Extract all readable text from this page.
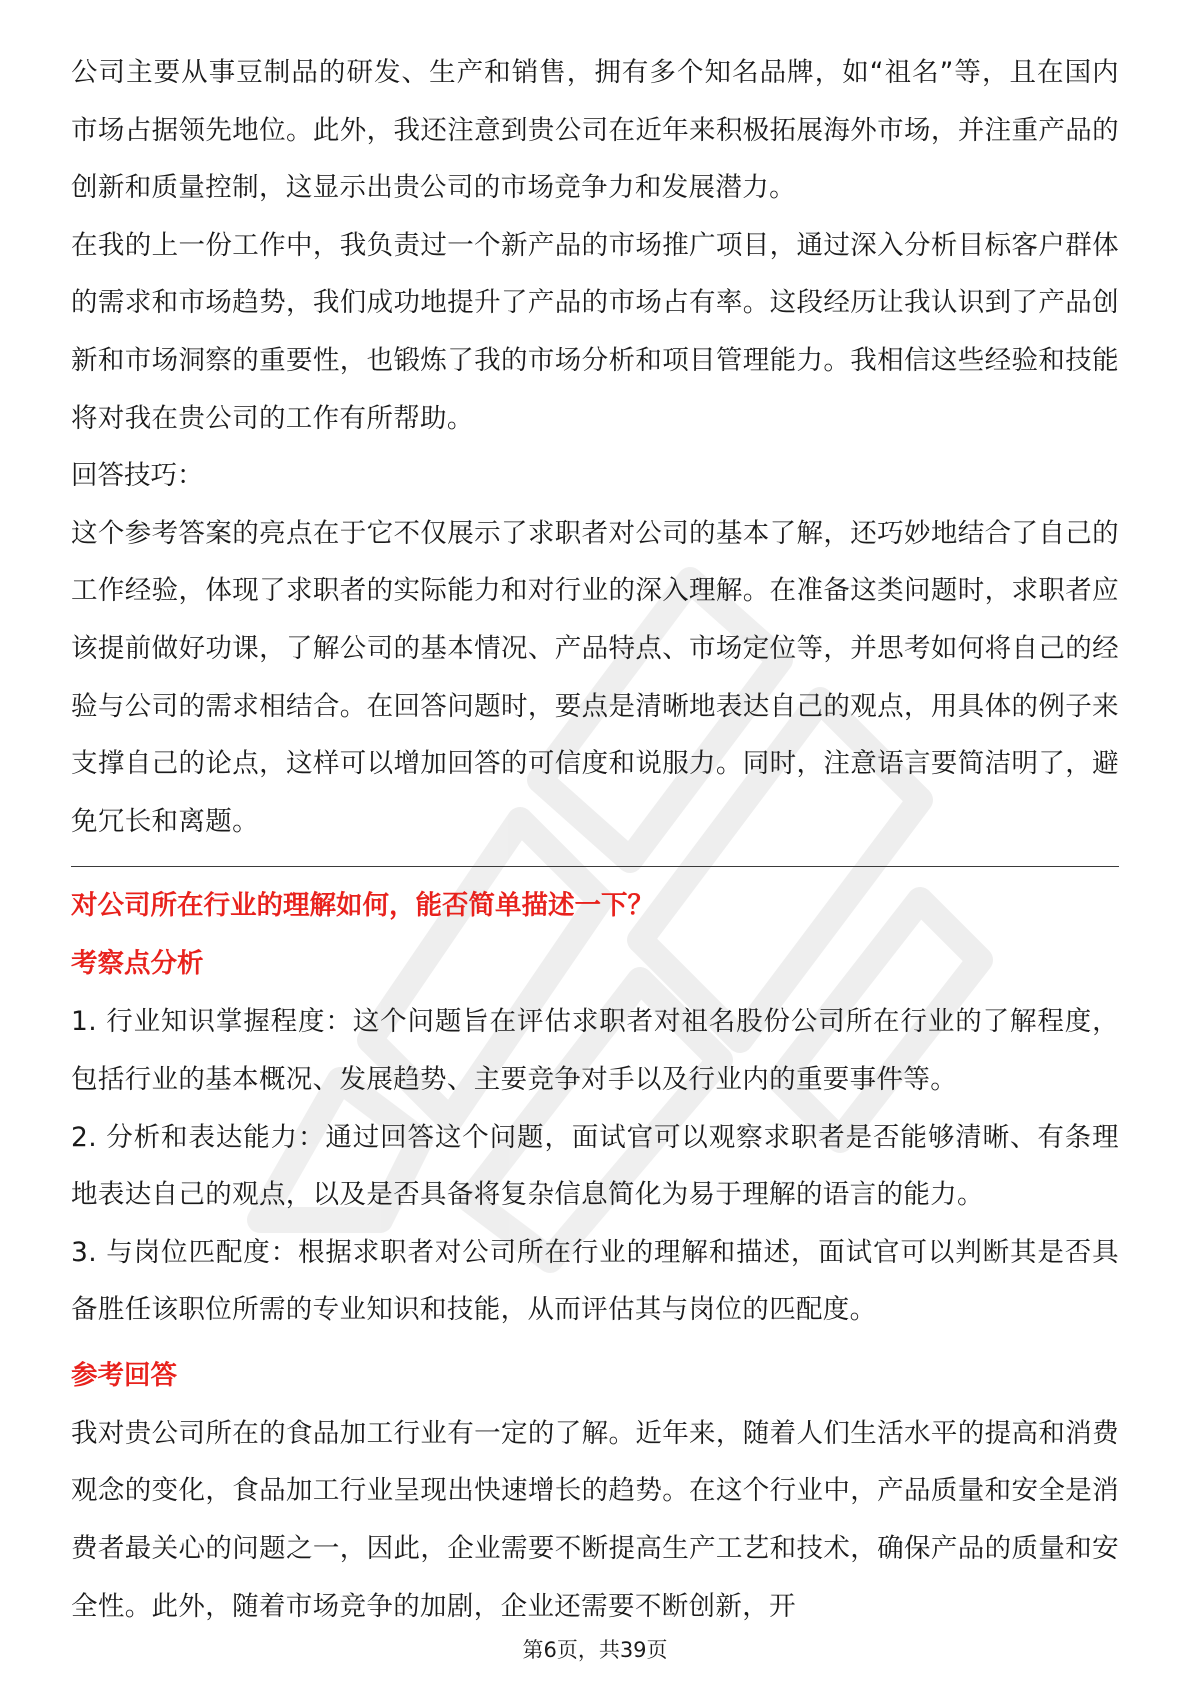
公司主要从事豆制品的研发、生产和销售，拥有多个知名品牌，如“祖名”等，且在国内市场占据领先地位。此外，我还注意到贵公司在近年来积极拓展海外市场，并注重产品的创新和质量控制，这显示出贵公司的市场竞争力和发展潜力。

在我的上一份工作中，我负责过一个新产品的市场推广项目，通过深入分析目标客户群体的需求和市场趋势，我们成功地提升了产品的市场占有率。这段经历让我认识到了产品创新和市场洞察的重要性，也锻炼了我的市场分析和项目管理能力。我相信这些经验和技能将对我在贵公司的工作有所帮助。

回答技巧：

这个参考答案的亮点在于它不仅展示了求职者对公司的基本了解，还巧妙地结合了自己的工作经验，体现了求职者的实际能力和对行业的深入理解。在准备这类问题时，求职者应该提前做好功课，了解公司的基本情况、产品特点、市场定位等，并思考如何将自己的经验与公司的需求相结合。在回答问题时，要点是清晰地表达自己的观点，用具体的例子来支撑自己的论点，这样可以增加回答的可信度和说服力。同时，注意语言要简洁明了，避免冗长和离题。

对公司所在行业的理解如何，能否简单描述一下？

考察点分析

1. 行业知识掌握程度：这个问题旨在评估求职者对祖名股份公司所在行业的了解程度，包括行业的基本概况、发展趋势、主要竞争对手以及行业内的重要事件等。

2. 分析和表达能力：通过回答这个问题，面试官可以观察求职者是否能够清晰、有条理地表达自己的观点，以及是否具备将复杂信息简化为易于理解的语言的能力。

3. 与岗位匹配度：根据求职者对公司所在行业的理解和描述，面试官可以判断其是否具备胜任该职位所需的专业知识和技能，从而评估其与岗位的匹配度。

参考回答

我对贵公司所在的食品加工行业有一定的了解。近年来，随着人们生活水平的提高和消费观念的变化，食品加工行业呈现出快速增长的趋势。在这个行业中，产品质量和安全是消费者最关心的问题之一，因此，企业需要不断提高生产工艺和技术，确保产品的质量和安全性。此外，随着市场竞争的加剧，企业还需要不断创新，开

第6页，共39页
